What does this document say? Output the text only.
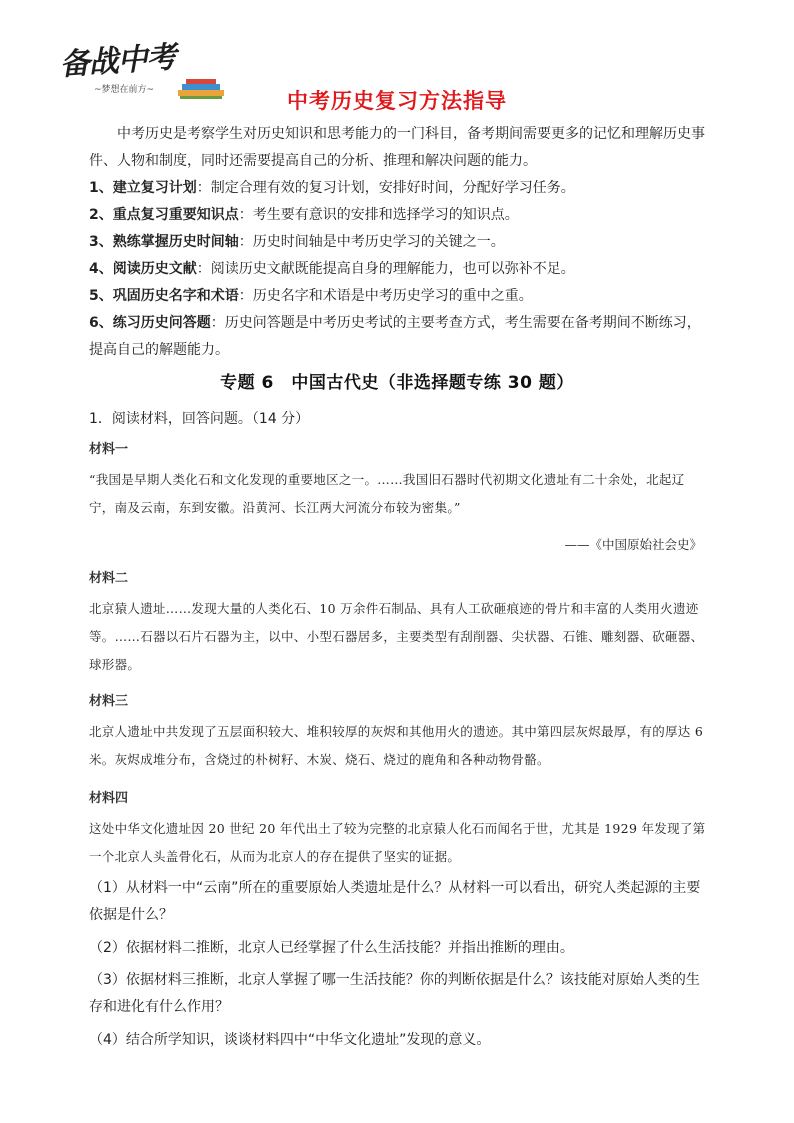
备战中考
~梦想在前方~	中考历史复习方法指导
中考历史是考察学生对历史知识和思考能力的一门科目，备考期间需要更多的记忆和理解历史事件、人物和制度，同时还需要提高自己的分析、推理和解决问题的能力。
1、建立复习计划：制定合理有效的复习计划，安排好时间，分配好学习任务。
2、重点复习重要知识点：考生要有意识的安排和选择学习的知识点。
3、熟练掌握历史时间轴：历史时间轴是中考历史学习的关键之一。
4、阅读历史文献：阅读历史文献既能提高自身的理解能力，也可以弥补不足。
5、巩固历史名字和术语：历史名字和术语是中考历史学习的重中之重。
6、练习历史问答题：历史问答题是中考历史考试的主要考查方式，考生需要在备考期间不断练习，提高自己的解题能力。
专题 6　中国古代史（非选择题专练 30 题）
1．阅读材料，回答问题。（14 分）
材料一
“我国是早期人类化石和文化发现的重要地区之一。……我国旧石器时代初期文化遗址有二十余处，北起辽宁，南及云南，东到安徽。沿黄河、长江两大河流分布较为密集。”
——《中国原始社会史》
材料二
北京猿人遗址……发现大量的人类化石、10 万余件石制品、具有人工砍砸痕迹的骨片和丰富的人类用火遗迹等。……石器以石片石器为主，以中、小型石器居多，主要类型有刮削器、尖状器、石锥、雕刻器、砍砸器、球形器。
材料三
北京人遗址中共发现了五层面积较大、堆积较厚的灰烬和其他用火的遗迹。其中第四层灰烬最厚，有的厚达 6 米。灰烬成堆分布，含烧过的朴树籽、木炭、烧石、烧过的鹿角和各种动物骨骼。
材料四
这处中华文化遗址因 20 世纪 20 年代出土了较为完整的北京猿人化石而闻名于世，尤其是 1929 年发现了第一个北京人头盖骨化石，从而为北京人的存在提供了坚实的证据。
（1）从材料一中“云南”所在的重要原始人类遗址是什么？从材料一可以看出，研究人类起源的主要依据是什么？
（2）依据材料二推断，北京人已经掌握了什么生活技能？并指出推断的理由。
（3）依据材料三推断，北京人掌握了哪一生活技能？你的判断依据是什么？该技能对原始人类的生存和进化有什么作用？
（4）结合所学知识，谈谈材料四中“中华文化遗址”发现的意义。
